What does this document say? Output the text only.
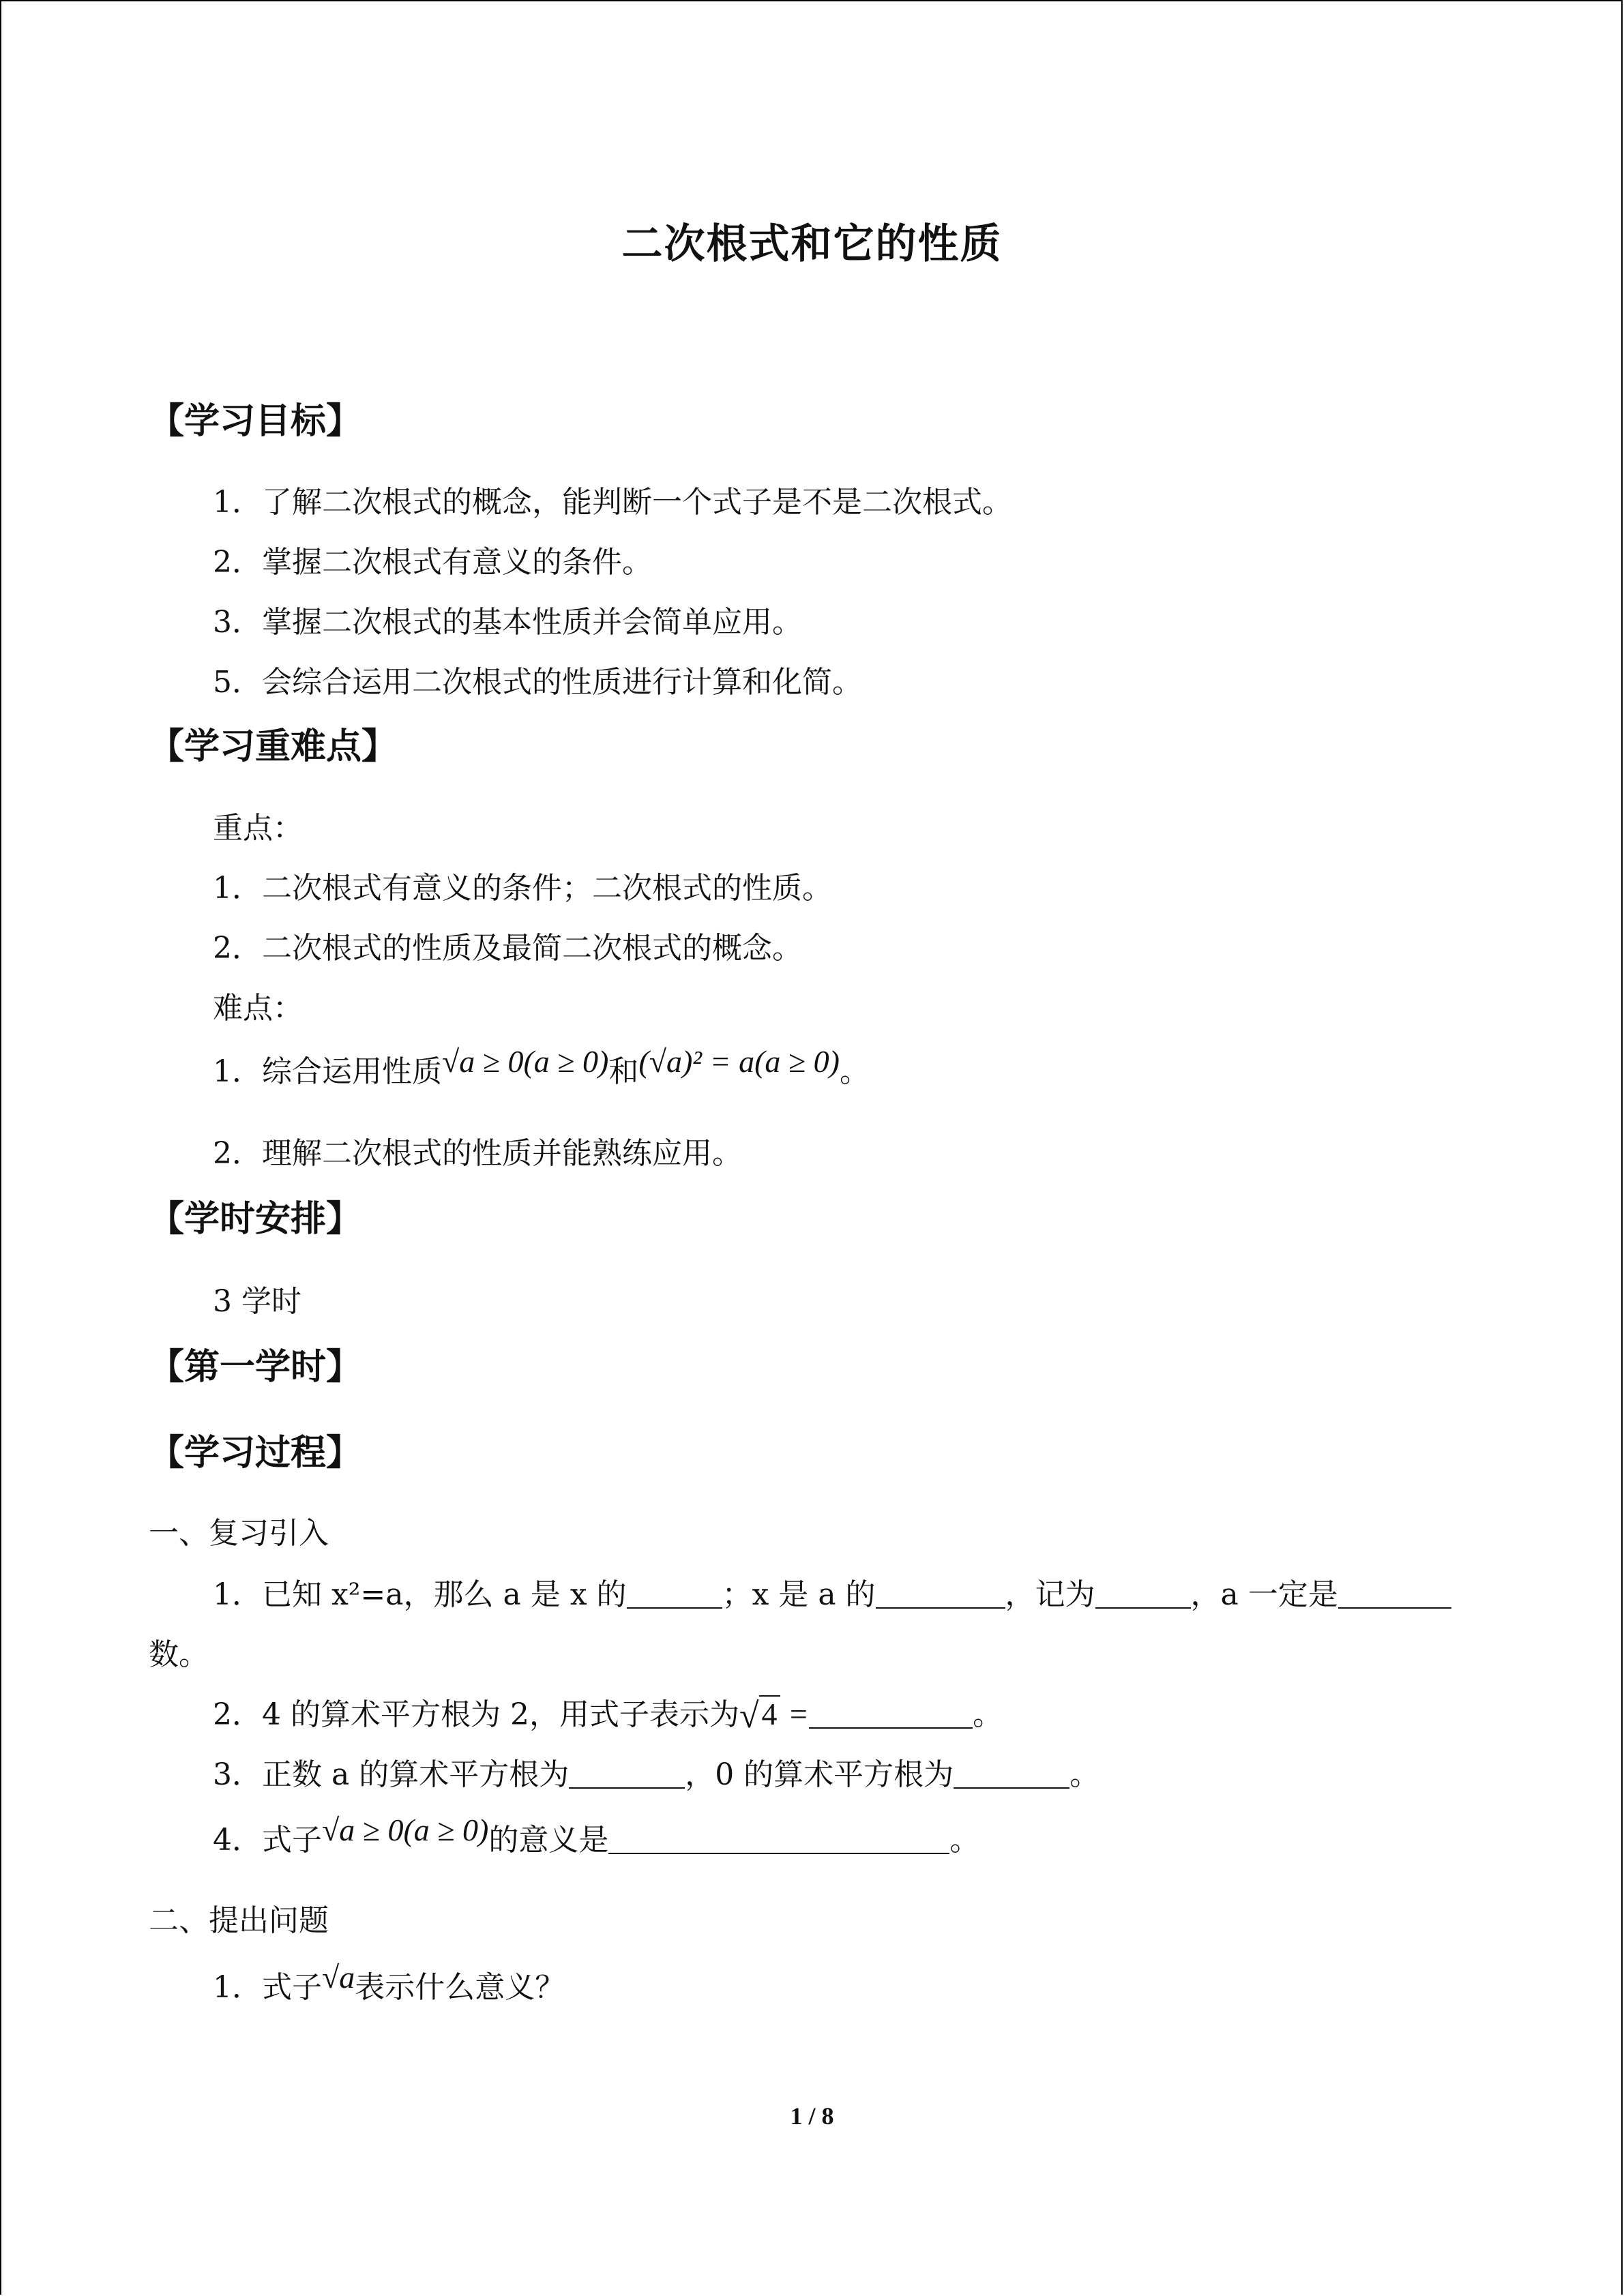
二次根式和它的性质
【学习目标】
1．了解二次根式的概念，能判断一个式子是不是二次根式。
2．掌握二次根式有意义的条件。
3．掌握二次根式的基本性质并会简单应用。
5．会综合运用二次根式的性质进行计算和化简。
【学习重难点】
重点：
1．二次根式有意义的条件；二次根式的性质。
2．二次根式的性质及最简二次根式的概念。
难点：
1．综合运用性质√a ≥ 0(a ≥ 0)和(√a)² = a(a ≥ 0)。
2．理解二次根式的性质并能熟练应用。
【学时安排】
3 学时
【第一学时】
【学习过程】
一、复习引入
1．已知 x²=a，那么 a 是 x 的	；x 是 a 的	，记为	，a 一定是
数。
2．4 的算术平方根为 2，用式子表示为√4 =	。
3．正数 a 的算术平方根为	，0 的算术平方根为	。
4．式子√a ≥ 0(a ≥ 0)的意义是	。
二、提出问题
1．式子√a表示什么意义？
1 / 8
